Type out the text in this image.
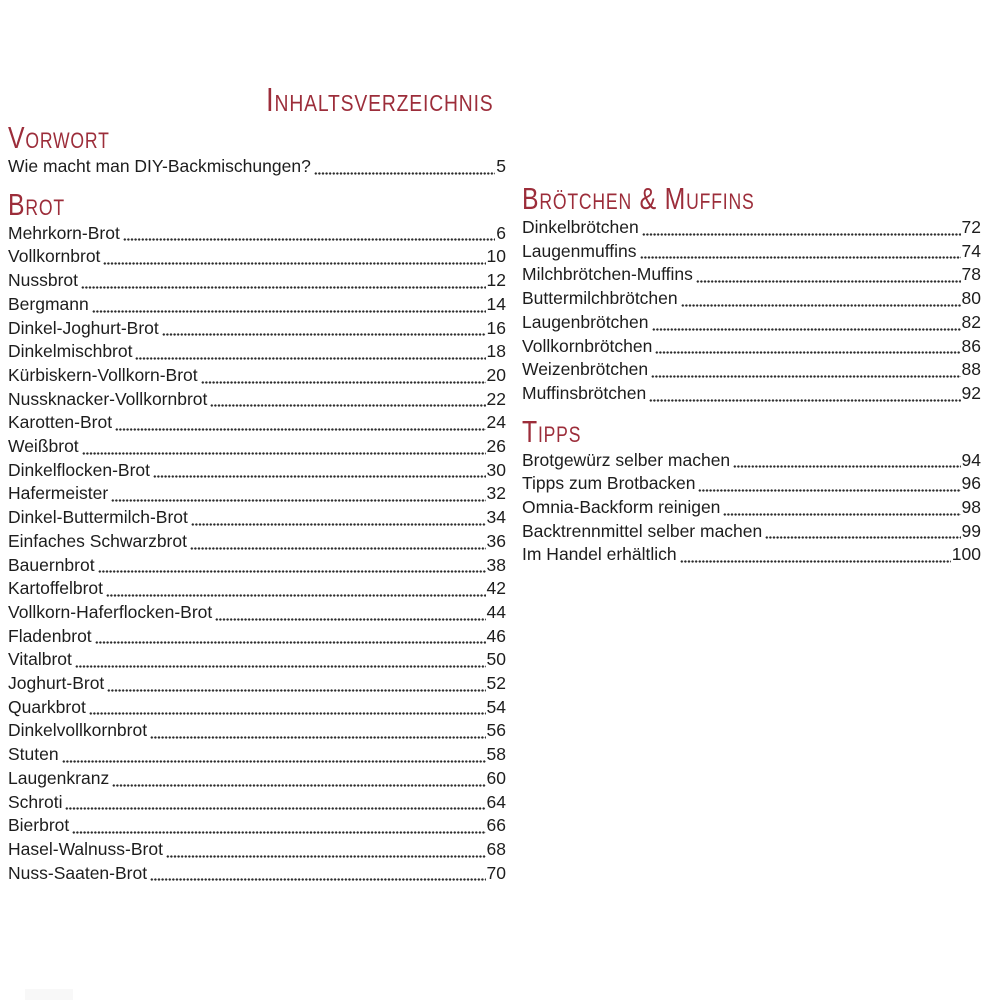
Inhaltsverzeichnis
Vorwort
Wie macht man DIY-Backmischungen?	5
Brot
Mehrkorn-Brot	6
Vollkornbrot	10
Nussbrot	12
Bergmann	14
Dinkel-Joghurt-Brot	16
Dinkelmischbrot	18
Kürbiskern-Vollkorn-Brot	20
Nussknacker-Vollkornbrot	22
Karotten-Brot	24
Weißbrot	26
Dinkelflocken-Brot	30
Hafermeister	32
Dinkel-Buttermilch-Brot	34
Einfaches Schwarzbrot	36
Bauernbrot	38
Kartoffelbrot	42
Vollkorn-Haferflocken-Brot	44
Fladenbrot	46
Vitalbrot	50
Joghurt-Brot	52
Quarkbrot	54
Dinkelvollkornbrot	56
Stuten	58
Laugenkranz	60
Schroti	64
Bierbrot	66
Hasel-Walnuss-Brot	68
Nuss-Saaten-Brot	70
Brötchen & Muffins
Dinkelbrötchen	72
Laugenmuffins	74
Milchbrötchen-Muffins	78
Buttermilchbrötchen	80
Laugenbrötchen	82
Vollkornbrötchen	86
Weizenbrötchen	88
Muffinsbrötchen	92
Tipps
Brotgewürz selber machen	94
Tipps zum Brotbacken	96
Omnia-Backform reinigen	98
Backtrennmittel selber machen	99
Im Handel erhältlich	100
